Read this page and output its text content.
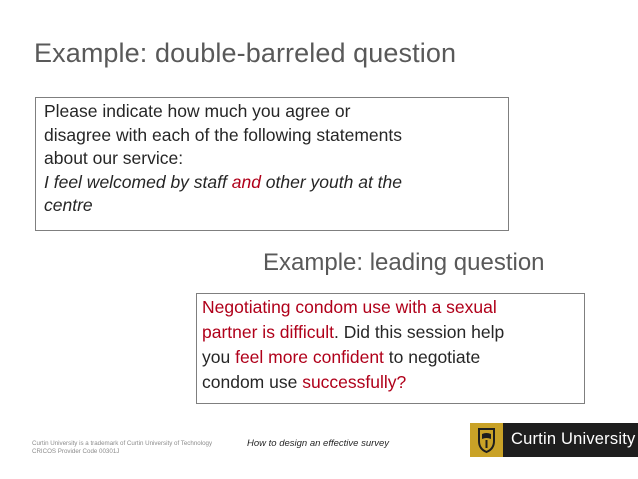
Example: double-barreled question
Please indicate how much you agree or
disagree with each of the following statements
about our service:
I feel welcomed by staff and other youth at the
centre
Example: leading question
Negotiating condom use with a sexual
partner is difficult. Did this session help
you feel more confident to negotiate
condom use successfully?
Curtin University is a trademark of Curtin University of Technology
CRICOS Provider Code 00301J
How to design an effective survey	Curtin University
